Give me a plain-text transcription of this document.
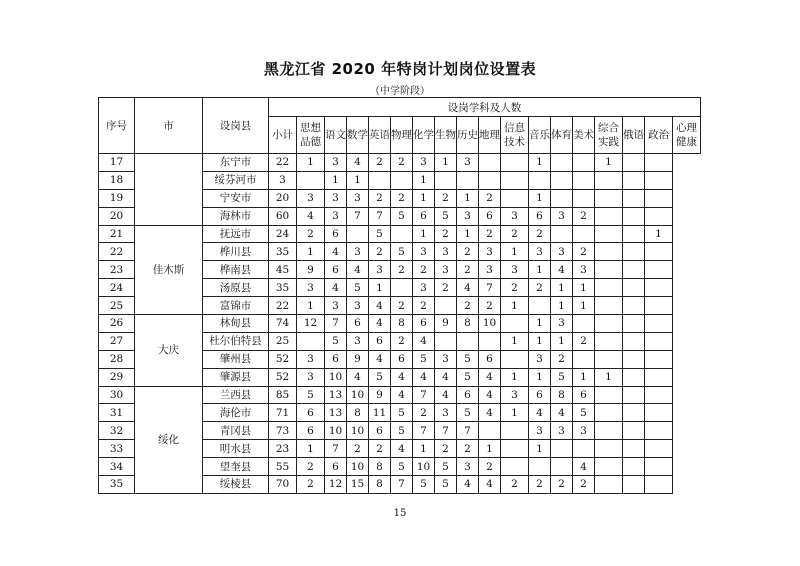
黑龙江省 2020 年特岗计划岗位设置表
（中学阶段）
序号	市	设岗县	设岗学科及人数																	
			小计	思想品德	语文	数学	英语	物理	化学	生物	历史	地理	信息技术	音乐	体育	美术	综合实践	俄语	政治	心理健康
17		东宁市	22	1	3	4	2	2	3	1	3			1			1			
18		绥芬河市	3		1	1			1											
19		宁安市	20	3	3	3	2	2	1	2	1	2		1						
20		海林市	60	4	3	7	7	5	6	5	3	6	3	6	3	2				
21	佳木斯	抚远市	24	2	6		5		1	2	1	2	2	2					1	
22		桦川县	35	1	4	3	2	5	3	3	2	3	1	3	3	2				
23		桦南县	45	9	6	4	3	2	2	3	2	3	3	1	4	3				
24		汤原县	35	3	4	5	1		3	2	4	7	2	2	1	1				
25		富锦市	22	1	3	3	4	2	2		2	2	1		1	1				
26	大庆	林甸县	74	12	7	6	4	8	6	9	8	10		1	3					
27		杜尔伯特县	25		5	3	6	2	4				1	1	1	2				
28		肇州县	52	3	6	9	4	6	5	3	5	6		3	2					
29		肇源县	52	3	10	4	5	4	4	4	5	4	1	1	5	1	1			
30	绥化	兰西县	85	5	13	10	9	4	7	4	6	4	3	6	8	6				
31		海伦市	71	6	13	8	11	5	2	3	5	4	1	4	4	5				
32		青冈县	73	6	10	10	6	5	7	7	7			3	3	3				
33		明水县	23	1	7	2	2	4	1	2	2	1		1						
34		望奎县	55	2	6	10	8	5	10	5	3	2				4				
35		绥棱县	70	2	12	15	8	7	5	5	4	4	2	2	2	2				
15
